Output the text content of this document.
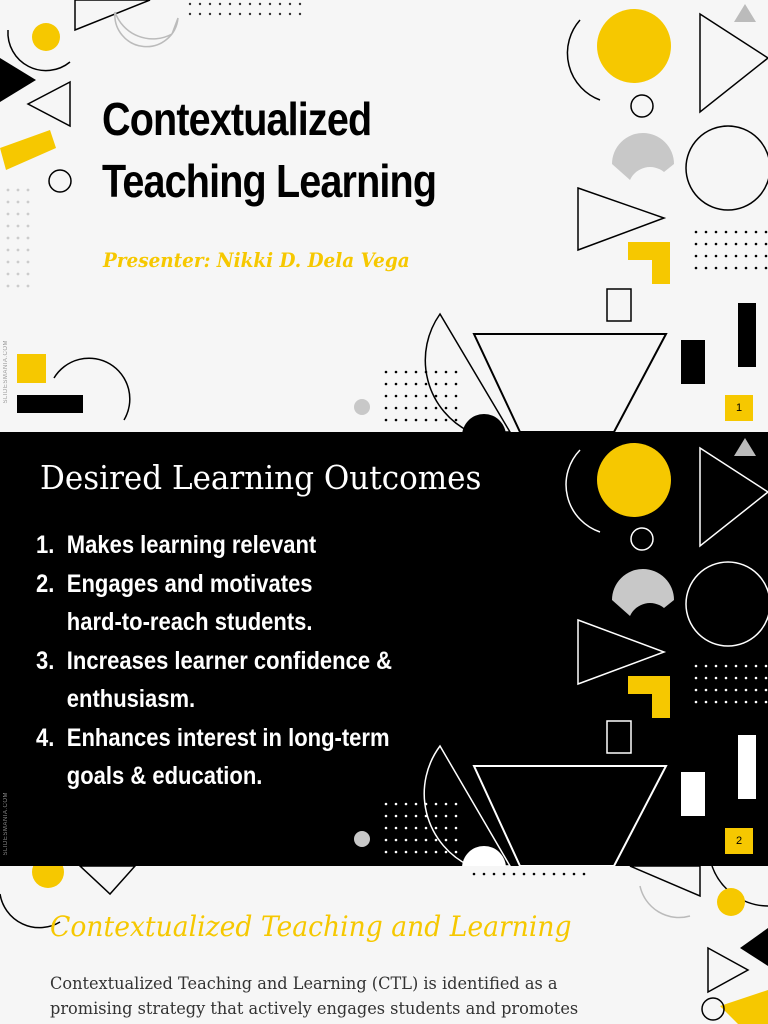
Contextualized
Teaching Learning
Presenter: Nikki D. Dela Vega
SLIDESMANIA.COM
1
Desired Learning Outcomes
1. Makes learning relevant
2. Engages and motivates
hard-to-reach students.
3. Increases learner confidence &
enthusiasm.
4. Enhances interest in long-term
goals & education.
SLIDESMANIA.COM	2
Contextualized Teaching and Learning

Contextualized Teaching and Learning (CTL) is identified as a promising strategy that actively engages students and promotes
